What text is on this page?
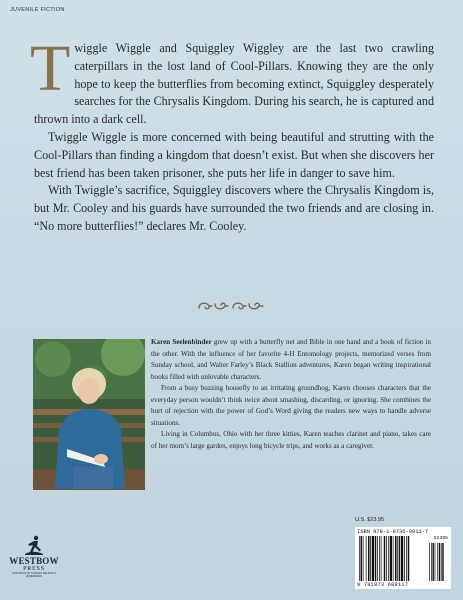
JUVENILE FICTION

Twiggle Wiggle and Squiggley Wiggley are the last two crawling caterpillars in the lost land of Cool-Pillars. Knowing they are the only hope to keep the butterflies from becoming extinct, Squiggley desperately searches for the Chrysalis Kingdom. During his search, he is captured and thrown into a dark cell.

Twiggle Wiggle is more concerned with being beautiful and strutting with the Cool-Pillars than finding a kingdom that doesn’t exist. But when she discovers her best friend has been taken prisoner, she puts her life in danger to save him.

With Twiggle’s sacrifice, Squiggley discovers where the Chrysalis Kingdom is, but Mr. Cooley and his guards have surrounded the two friends and are closing in. “No more butterflies!” declares Mr. Cooley.

Karen Seelenbinder grew up with a butterfly net and Bible in one hand and a book of fiction in the other. With the influence of her favorite 4-H Entomology projects, memorized verses from Sunday school, and Walter Farley’s Black Stallion adventures, Karen began writing inspirational books filled with unlovable characters.

From a busy buzzing housefly to an irritating groundhog, Karen chooses characters that the everyday person wouldn’t think twice about smashing, discarding, or ignoring. She combines the hurt of rejection with the power of God’s Word giving the readers new ways to handle adverse situations.

Living in Columbus, Ohio with her three kitties, Karen teaches clarinet and piano, takes care of her mom’s large garden, enjoys long bicycle trips, and works as a caregiver.

WESTBOW
PRESS
A DIVISION OF THOMAS NELSON & ZONDERVAN
U.S. $23.95
ISBN 978-1-9736-0911-7
52395
9 781973 609117
